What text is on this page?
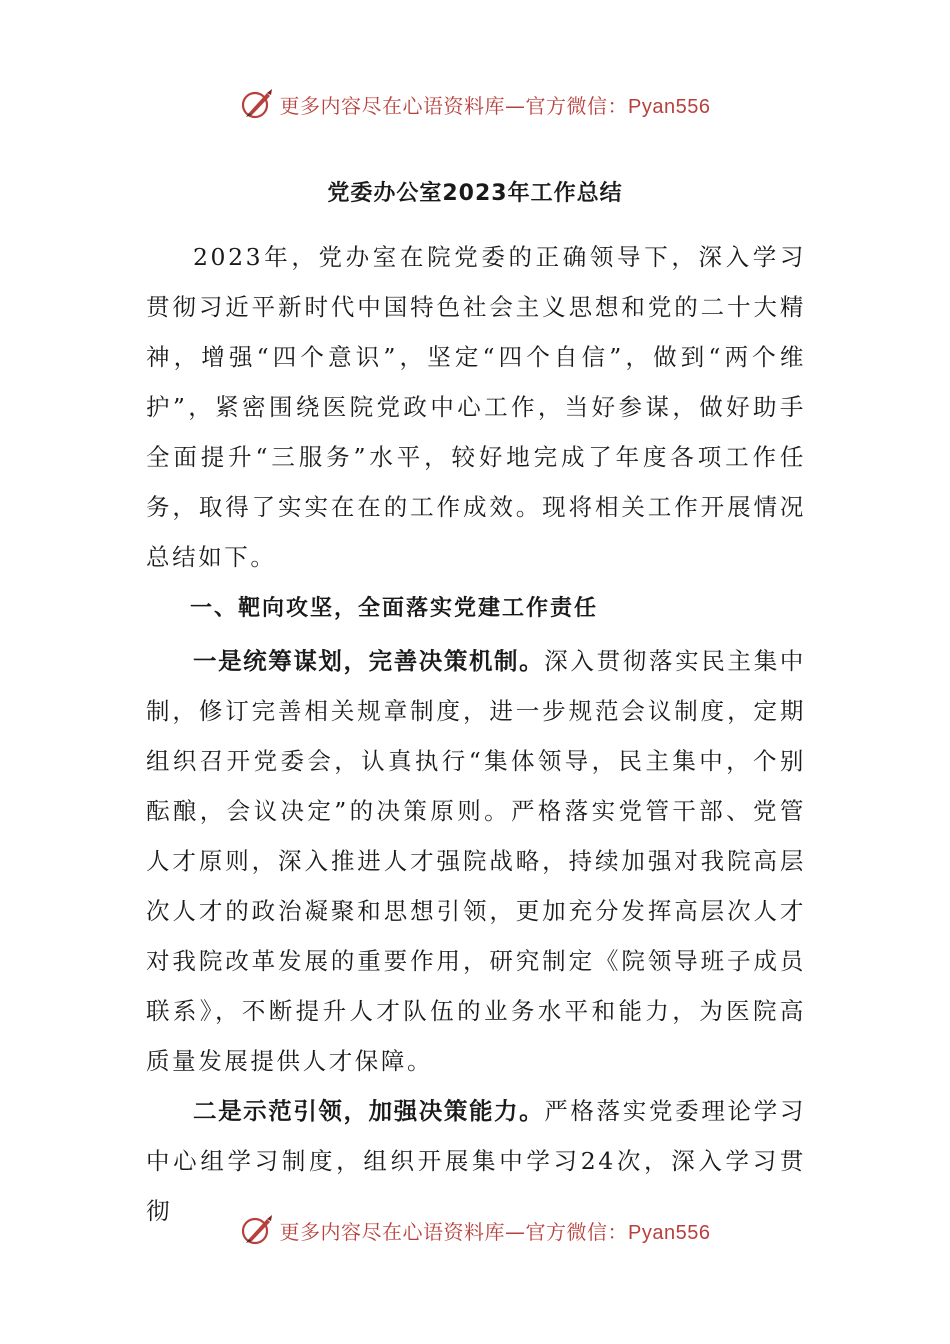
更多内容尽在心语资料库—官方微信：Pyan556
党委办公室2023年工作总结

2023年，党办室在院党委的正确领导下，深入学习贯彻习近平新时代中国特色社会主义思想和党的二十大精神，增强“四个意识”，坚定“四个自信”，做到“两个维护”，紧密围绕医院党政中心工作，当好参谋，做好助手全面提升“三服务”水平，较好地完成了年度各项工作任务，取得了实实在在的工作成效。现将相关工作开展情况总结如下。

一、靶向攻坚，全面落实党建工作责任

一是统筹谋划，完善决策机制。深入贯彻落实民主集中制，修订完善相关规章制度，进一步规范会议制度，定期组织召开党委会，认真执行“集体领导，民主集中，个别酝酿，会议决定”的决策原则。严格落实党管干部、党管人才原则，深入推进人才强院战略，持续加强对我院高层次人才的政治凝聚和思想引领，更加充分发挥高层次人才对我院改革发展的重要作用，研究制定《院领导班子成员联系》，不断提升人才队伍的业务水平和能力，为医院高质量发展提供人才保障。

二是示范引领，加强决策能力。严格落实党委理论学习中心组学习制度，组织开展集中学习24次，深入学习贯彻

更多内容尽在心语资料库—官方微信：Pyan556
